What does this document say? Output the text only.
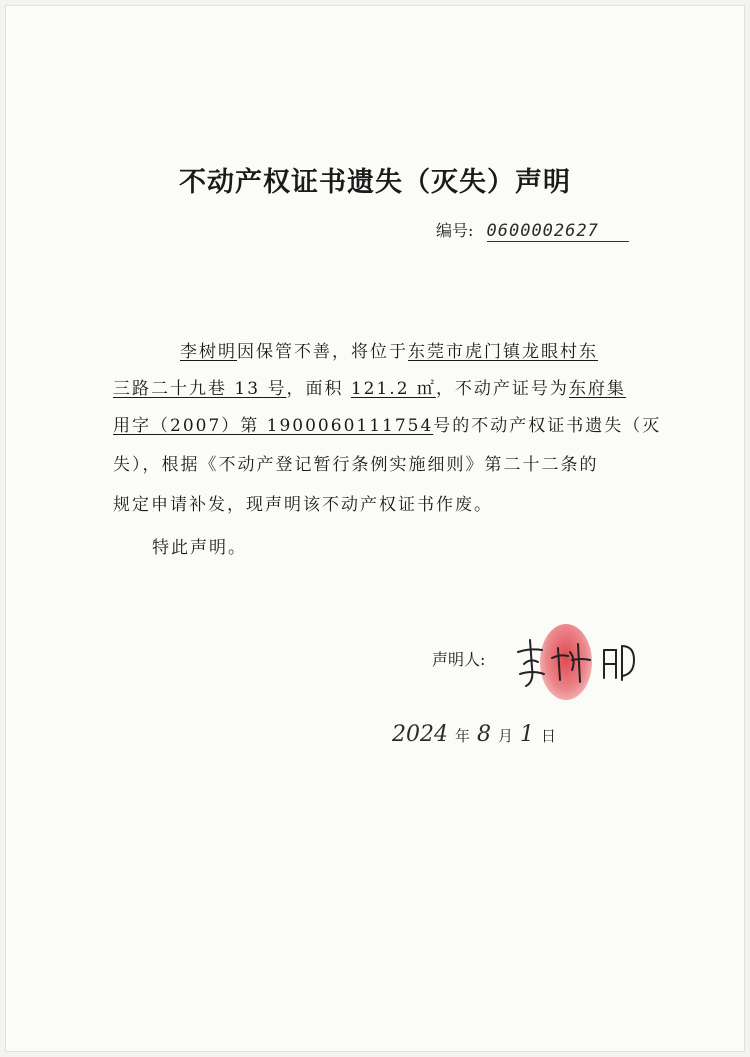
不动产权证书遗失（灭失）声明
编号: 0600002627
李树明因保管不善，将位于东莞市虎门镇龙眼村东
三路二十九巷 13 号，面积 121.2 ㎡，不动产证号为东府集
用字（2007）第 1900060111754号的不动产权证书遗失（灭
失），根据《不动产登记暂行条例实施细则》第二十二条的
规定申请补发，现声明该不动产权证书作废。
特此声明。
声明人:
2024 年 8 月 1 日
